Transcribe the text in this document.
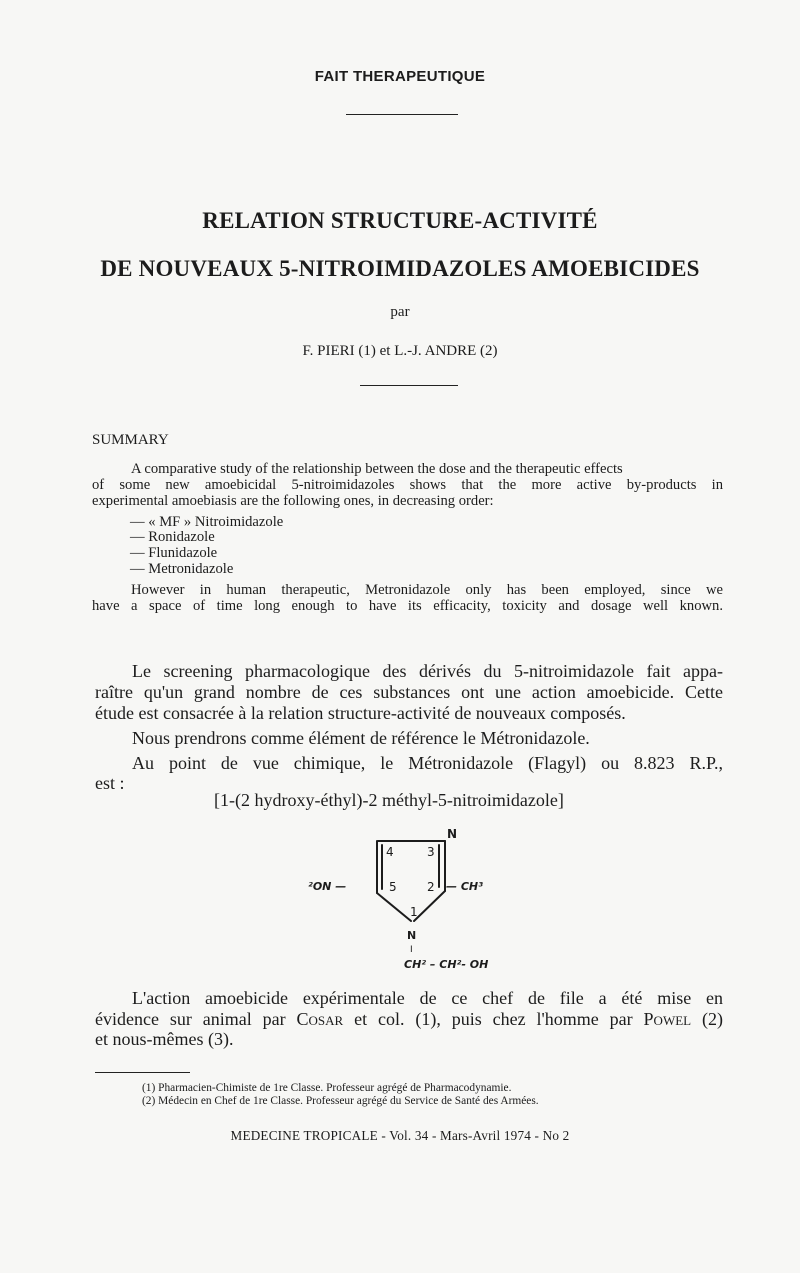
FAIT THERAPEUTIQUE
RELATION STRUCTURE-ACTIVITÉ
DE NOUVEAUX 5-NITROIMIDAZOLES AMOEBICIDES
par
F. PIERI (1) et L.-J. ANDRE (2)
SUMMARY
A comparative study of the relationship between the dose and the therapeutic effects
of some new amoebicidal 5-nitroimidazoles shows that the more active by-products in
experimental amoebiasis are the following ones, in decreasing order:
— « MF » Nitroimidazole
— Ronidazole
— Flunidazole
— Metronidazole
However in human therapeutic, Metronidazole only has been employed, since we
have a space of time long enough to have its efficacity, toxicity and dosage well known.
Le screening pharmacologique des dérivés du 5-nitroimidazole fait appa-
raître qu'un grand nombre de ces substances ont une action amoebicide. Cette
étude est consacrée à la relation structure-activité de nouveaux composés.
Nous prendrons comme élément de référence le Métronidazole.
Au point de vue chimique, le Métronidazole (Flagyl) ou 8.823 R.P.,
est :
[1-(2 hydroxy-éthyl)-2 méthyl-5-nitroimidazole]
N
4	3
5	2
1
²ON —	— CH³
N
I
CH² – CH²- OH
L'action amoebicide expérimentale de ce chef de file a été mise en
évidence sur animal par Cosar et col. (1), puis chez l'homme par Powel (2)
et nous-mêmes (3).
(1) Pharmacien-Chimiste de 1re Classe. Professeur agrégé de Pharmacodynamie.
(2) Médecin en Chef de 1re Classe. Professeur agrégé du Service de Santé des Armées.
MEDECINE TROPICALE - Vol. 34 - Mars-Avril 1974 - No 2
